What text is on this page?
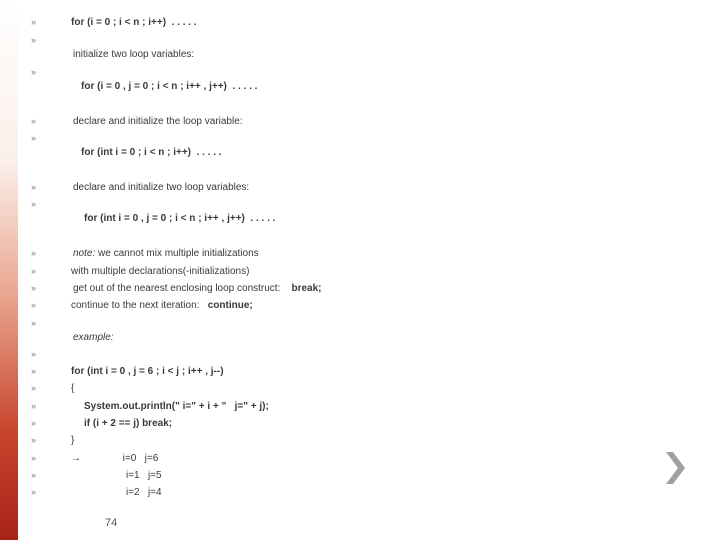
»	for (i = 0 ; i < n ; i++)  . . . . .
»
initialize two loop variables:
»
for (i = 0 , j = 0 ; i < n ; i++ , j++)  . . . . .
»	declare and initialize the loop variable:
»
for (int i = 0 ; i < n ; i++)  . . . . .
»	declare and initialize two loop variables:
»
for (int i = 0 , j = 0 ; i < n ; i++ , j++)  . . . . .
»	note: we cannot mix multiple initializations
»	with multiple declarations(-initializations)
»	get out of the nearest enclosing loop construct:    break;
»	continue to the next iteration:   continue;
»
example:
»
»	for (int i = 0 , j = 6 ; i < j ; i++ , j--)
»	{
»	System.out.println(" i=" + i + "   j=" + j);
»	if (i + 2 == j) break;
»	}
»	→               i=0   j=6
»	i=1   j=5
»	i=2   j=4
74
